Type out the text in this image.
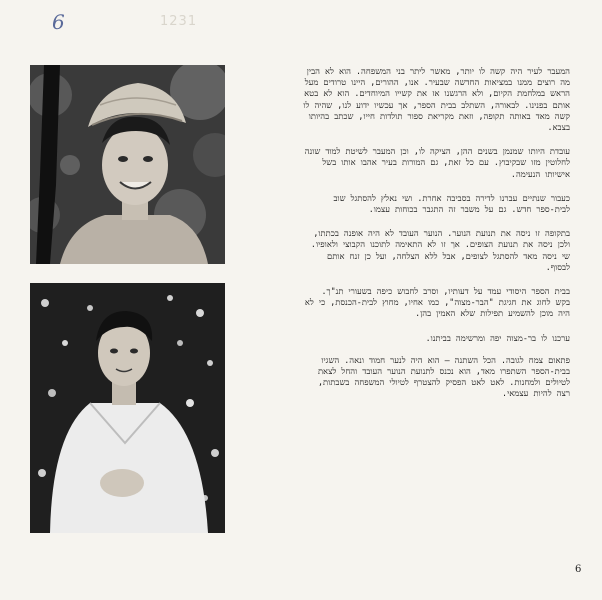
6	1231

המעבר לעיר היה קשה לו יותר, מאשר ליתר בני המשפחה. הוא לא הבין מה רוצים ממנו במציאות החדשה שבעיר. אנו, ההורים, היינו טרודים מעל הראש במלחמת הקיום, ולא הרגשנו אז את קשייו המיוחדים. הוא לא בטא אותם בפנינו. לבאורה, השתלב בבית הספר, אך עכשיו ידוע לנו, שהיה לו קשה מאד באותה תקופה, וזאת מקריאת ספור תולדות חייו, שכתב בהיותו בצבא.

עובדת היותו שמנמן בשנים ההן, הציקה לו, וכן המעבר לשיטת למוד שונה לחלוטין מזו שבקיבוץ. עם כל זאת, גם המורות בעיר אהבו אותו בשל אישיותו הנעימה.

כעבור שנתיים עברנו לדירה בסביבה אחרת. ושי נאלץ להסתגל שוב לבית-ספר חדש. גם על משבר זה התגבר בכוחות עצמו.

בתקופה זו ניסה את תנועת הנוער. הנוער העובד לא היה אופנה בכתתו, ולכן ניסה את תנועת הצופים. אך זו לא התאימה לתוכנו הקבוצי ולאופיו. שי ניסה מאד להסתגל לצופים, אבל ללא הצלחה, ועל כן זנח אותם לבסוף.

בבית הספר היסודי עמד על דעותיו, וסרב לחבוש כיפה בשעורי תנ"ך. בקש לחוג את חגיגת "הבר-מצוה", כמו אחיו, מחוץ לבית-הכנסת, כי לא היה מוכן להשמיע תפילות שלא האמין בהן.

ערכנו לו בר-מצוה יפה ומרשימה בביתנו.

פתאום צמח לגובה. הכל השתנה — הוא היה לנער חמוד ונאה. השגיו בבית-הספר השתפרו מאד, הוא נכנס לתנועת הנוער העובד והחל לצאת לטיולים ולמחנות. לאט לאט הפסיק להצטרף לטיולי המשפחה בשבתות, רצה להיות עצמאי.

6
